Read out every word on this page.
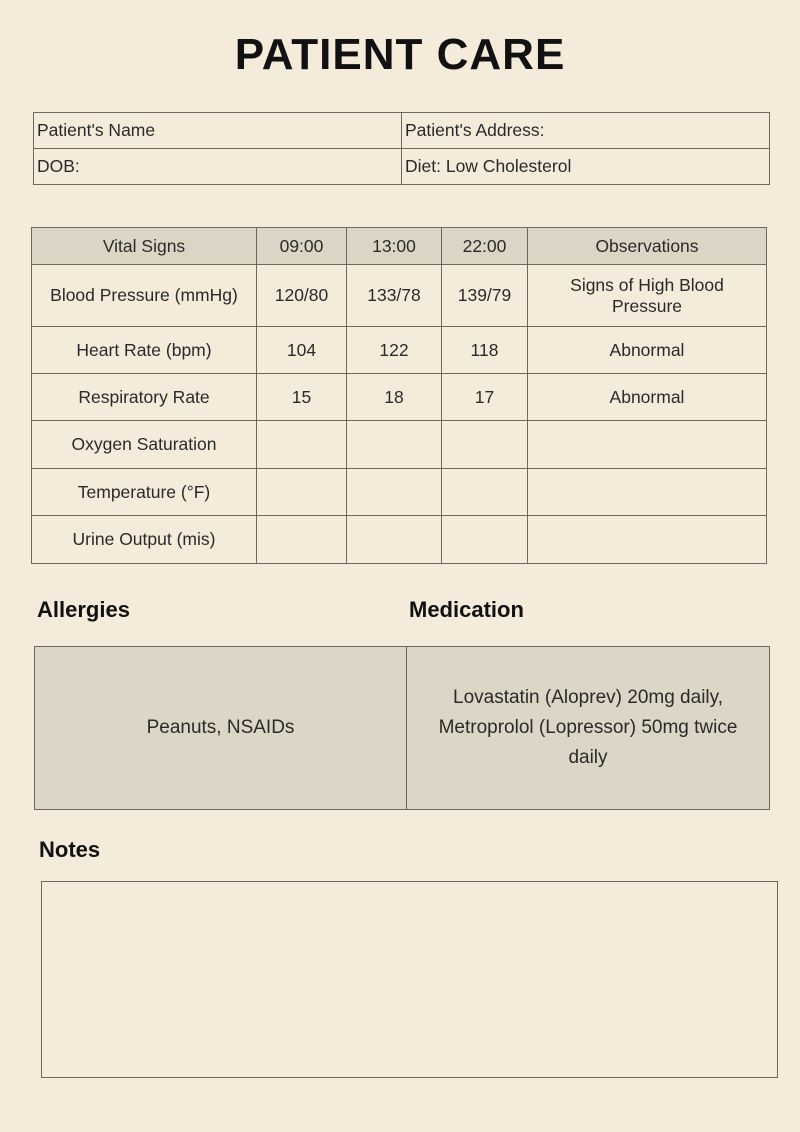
PATIENT CARE
Patient's Name	Patient's Address:
DOB:	Diet: Low Cholesterol
Vital Signs	09:00	13:00	22:00	Observations
Blood Pressure (mmHg)	120/80	133/78	139/79	Signs of High Blood Pressure
Heart Rate (bpm)	104	122	118	Abnormal
Respiratory Rate	15	18	17	Abnormal
Oxygen Saturation				
Temperature (°F)				
Urine Output (mis)				
Allergies	Medication
Peanuts, NSAIDs	Lovastatin (Aloprev) 20mg daily, Metroprolol (Lopressor) 50mg twice daily
Notes
